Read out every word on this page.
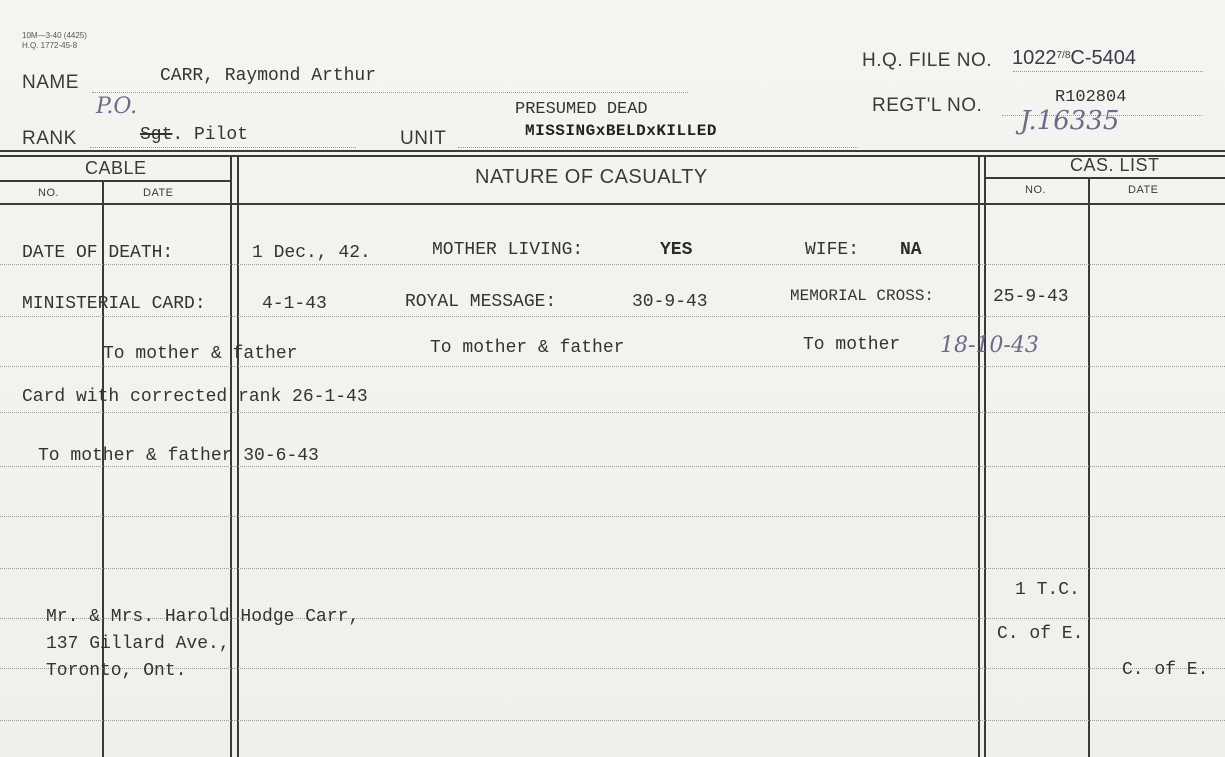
10M—3-40 (4425)
H.Q. 1772-45-8
NAME	CARR, Raymond Arthur
H.Q. FILE NO. $1022^{7/8}C-5404$
REGT'L NO.	R102804
J.16335
RANK
P.O.
Sgt. Pilot	UNIT
PRESUMED DEAD
MISSINGxBELDxKILLED
CABLE
NO.	DATE
NATURE OF CASUALTY
CAS. LIST
NO.	DATE
DATE OF DEATH:	1 Dec., 42.	MOTHER LIVING:	YES	WIFE: NA
MINISTERIAL CARD:	4-1-43	ROYAL MESSAGE:	30-9-43	MEMORIAL CROSS:	25-9-43
To mother & father	To mother & father	To mother 18-10-43
Card with corrected rank 26-1-43
To mother & father 30-6-43
1 T.C.
C. of E.
C. of E.
Mr. & Mrs. Harold Hodge Carr,
137 Gillard Ave.,
Toronto, Ont.
